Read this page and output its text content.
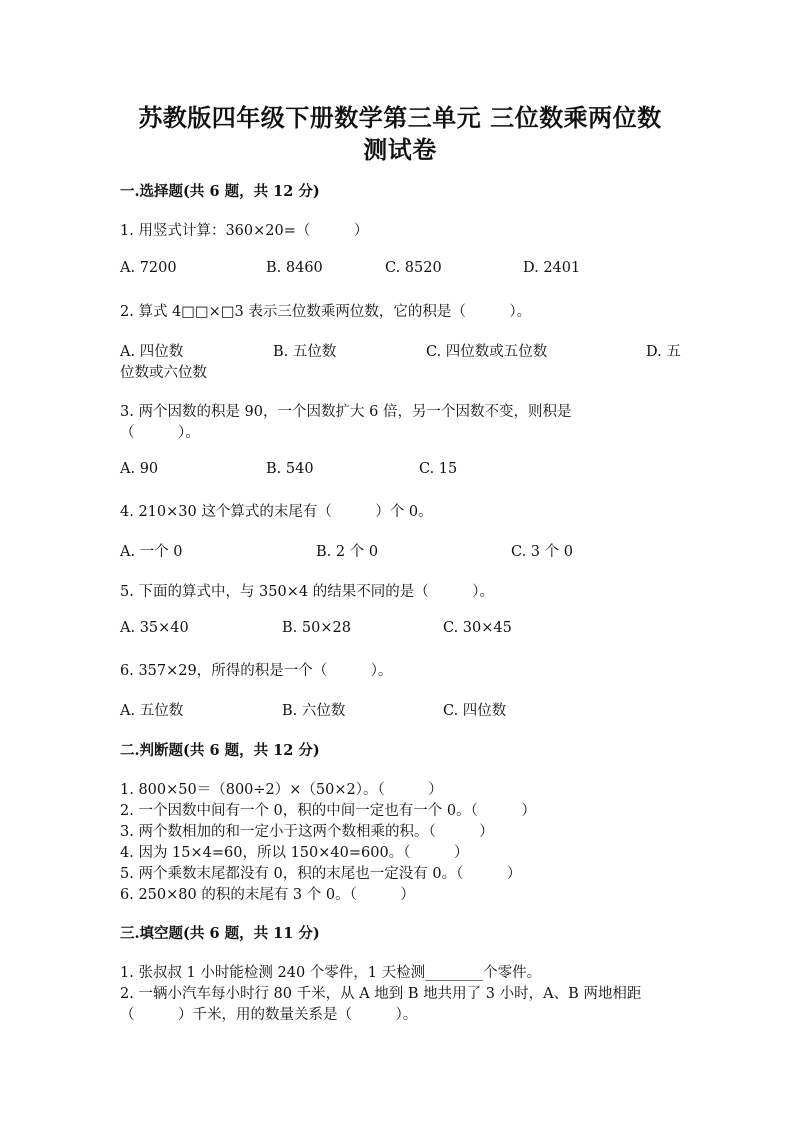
苏教版四年级下册数学第三单元 三位数乘两位数
测试卷
一.选择题(共 6 题，共 12 分)
1. 用竖式计算：360×20=（　　　）
A. 7200	B. 8460	C. 8520	D. 2401
2. 算式 4□□×□3 表示三位数乘两位数，它的积是（　　　）。
A. 四位数	B. 五位数	C. 四位数或五位数	D. 五
位数或六位数
3. 两个因数的积是 90，一个因数扩大 6 倍，另一个因数不变，则积是
（　　　）。
A. 90	B. 540	C. 15
4. 210×30 这个算式的末尾有（　　　）个 0。
A. 一个 0	B. 2 个 0	C. 3 个 0
5. 下面的算式中，与 350×4 的结果不同的是（　　　）。
A. 35×40	B. 50×28	C. 30×45
6. 357×29，所得的积是一个（　　　）。
A. 五位数	B. 六位数	C. 四位数
二.判断题(共 6 题，共 12 分)
1. 800×50＝（800÷2）×（50×2）。（　　　）
2. 一个因数中间有一个 0，积的中间一定也有一个 0。（　　　）
3. 两个数相加的和一定小于这两个数相乘的积。（　　　）
4. 因为 15×4=60，所以 150×40=600。（　　　）
5. 两个乘数末尾都没有 0，积的末尾也一定没有 0。（　　　）
6. 250×80 的积的末尾有 3 个 0。（　　　）
三.填空题(共 6 题，共 11 分)
1. 张叔叔 1 小时能检测 240 个零件，1 天检测________个零件。
2. 一辆小汽车每小时行 80 千米，从 A 地到 B 地共用了 3 小时，A、B 两地相距
（　　　）千米，用的数量关系是（　　　）。
